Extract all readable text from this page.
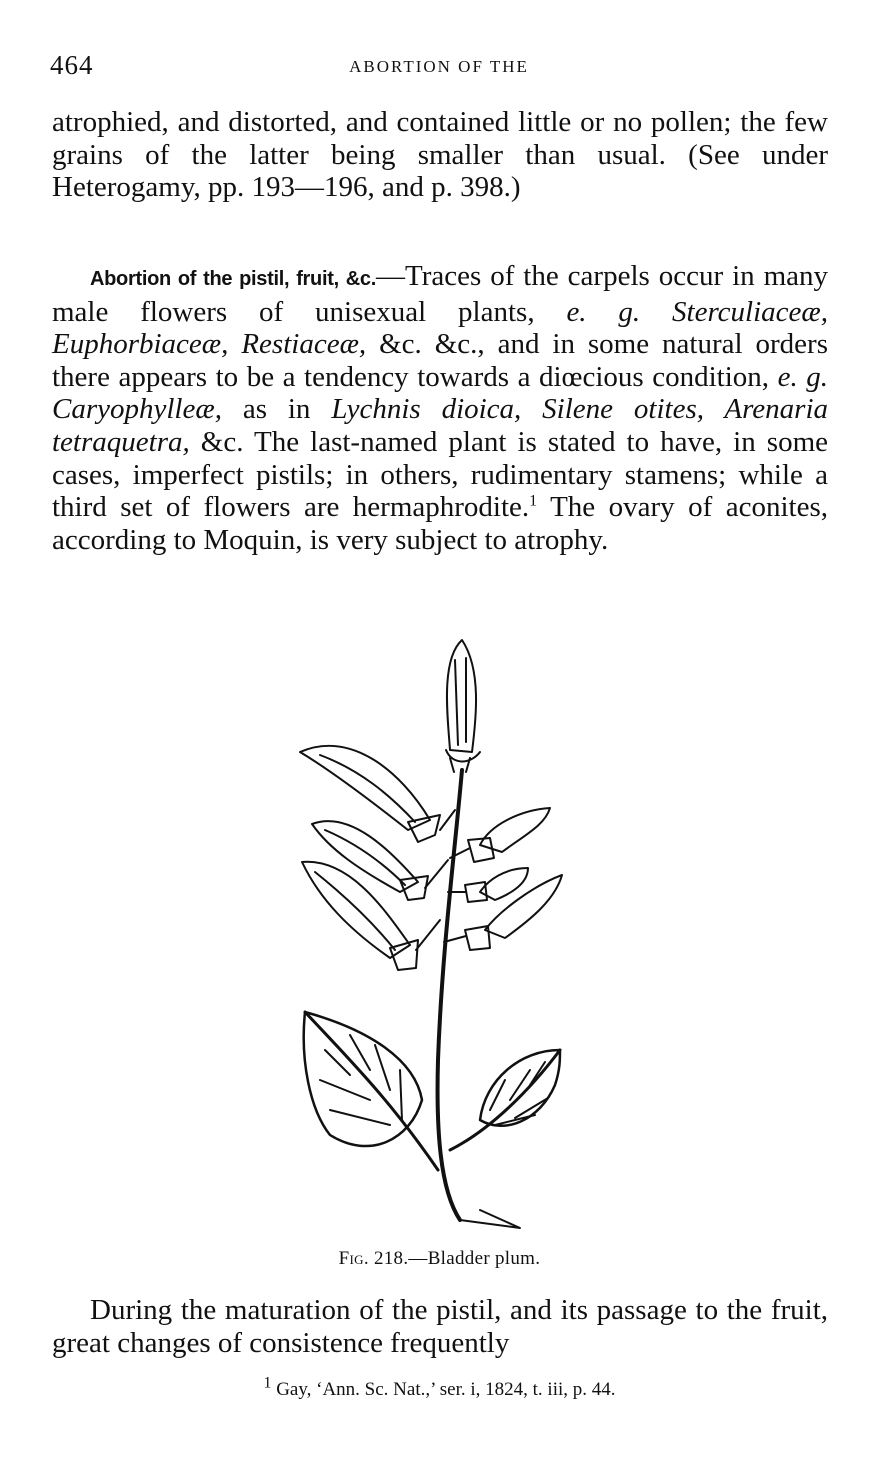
464	ABORTION OF THE

atrophied, and distorted, and contained little or no pollen; the few grains of the latter being smaller than usual. (See under Heterogamy, pp. 193—196, and p. 398.)

Abortion of the pistil, fruit, &c.—Traces of the carpels occur in many male flowers of unisexual plants, e. g. Sterculiaceæ, Euphorbiaceæ, Restiaceæ, &c. &c., and in some natural orders there appears to be a tendency towards a diœcious condition, e. g. Caryophylleæ, as in Lychnis dioica, Silene otites, Arenaria tetraquetra, &c. The last-named plant is stated to have, in some cases, imperfect pistils; in others, rudimentary stamens; while a third set of flowers are hermaphrodite.$^1$ The ovary of aconites, according to Moquin, is very subject to atrophy.

Fig. 218.—Bladder plum.

During the maturation of the pistil, and its passage to the fruit, great changes of consistence frequently

$^1$ Gay, ‘Ann. Sc. Nat.,’ ser. i, 1824, t. iii, p. 44.
